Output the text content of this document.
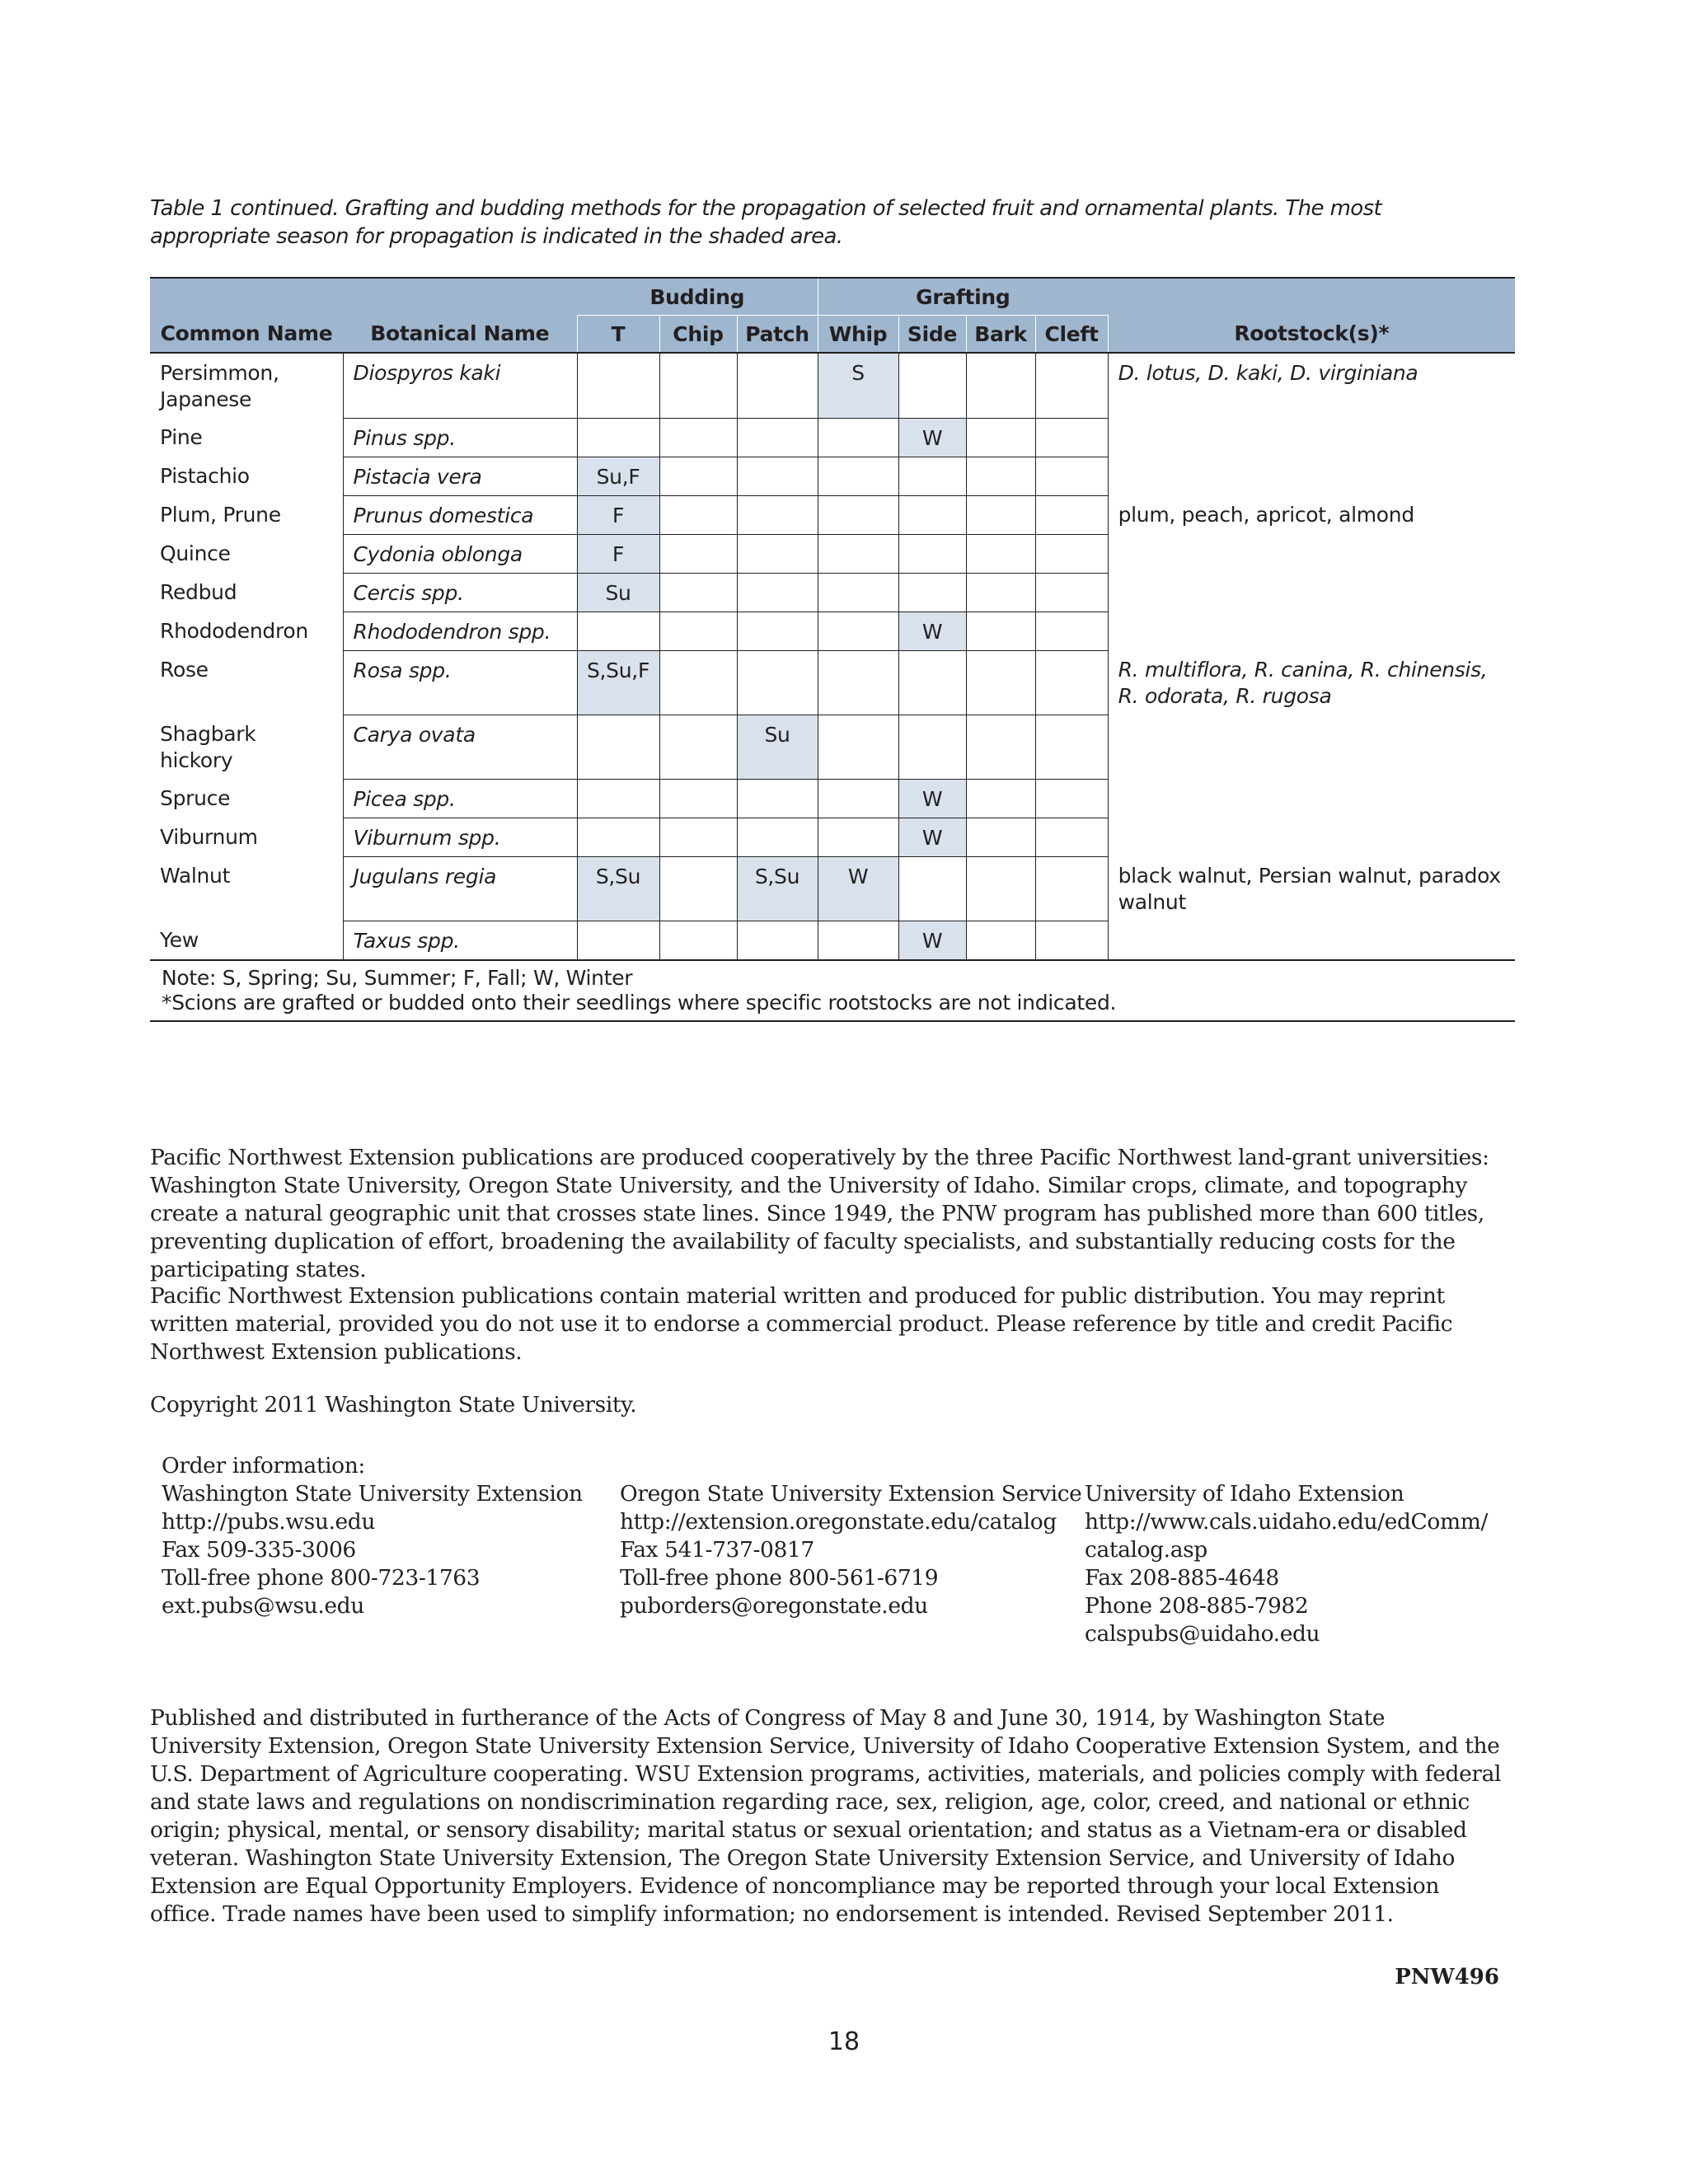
Table 1 continued. Grafting and budding methods for the propagation of selected fruit and ornamental plants. The most appropriate season for propagation is indicated in the shaded area.
		Budding			Grafting				
Common Name	Botanical Name	T	Chip	Patch	Whip	Side	Bark	Cleft	Rootstock(s)*
Persimmon, Japanese	Diospyros kaki				S				D. lotus, D. kaki, D. virginiana
Pine	Pinus spp.					W			
Pistachio	Pistacia vera	Su,F							
Plum, Prune	Prunus domestica	F							plum, peach, apricot, almond
Quince	Cydonia oblonga	F							
Redbud	Cercis spp.	Su							
Rhododendron	Rhododendron spp.					W			
Rose	Rosa spp.	S,Su,F							R. multiflora, R. canina, R. chinensis, R. odorata, R. rugosa
Shagbark hickory	Carya ovata			Su					
Spruce	Picea spp.					W			
Viburnum	Viburnum spp.					W			
Walnut	Jugulans regia	S,Su		S,Su	W				black walnut, Persian walnut, paradox walnut
Yew	Taxus spp.					W			

Note: S, Spring; Su, Summer; F, Fall; W, Winter
*Scions are grafted or budded onto their seedlings where specific rootstocks are not indicated.									

Pacific Northwest Extension publications are produced cooperatively by the three Pacific Northwest land-grant universities: Washington State University, Oregon State University, and the University of Idaho. Similar crops, climate, and topography create a natural geographic unit that crosses state lines. Since 1949, the PNW program has published more than 600 titles, preventing duplication of effort, broadening the availability of faculty specialists, and substantially reducing costs for the participating states.

Pacific Northwest Extension publications contain material written and produced for public distribution. You may reprint written material, provided you do not use it to endorse a commercial product. Please reference by title and credit Pacific Northwest Extension publications.

Copyright 2011 Washington State University.

Order information:
Washington State University Extension
http://pubs.wsu.edu
Fax 509-335-3006
Toll-free phone 800-723-1763
ext.pubs@wsu.edu
Oregon State University Extension Service
http://extension.oregonstate.edu/catalog
Fax 541-737-0817
Toll-free phone 800-561-6719
puborders@oregonstate.edu
University of Idaho Extension
http://www.cals.uidaho.edu/edComm/
catalog.asp
Fax 208-885-4648
Phone 208-885-7982
calspubs@uidaho.edu

Published and distributed in furtherance of the Acts of Congress of May 8 and June 30, 1914, by Washington State University Extension, Oregon State University Extension Service, University of Idaho Cooperative Extension System, and the U.S. Department of Agriculture cooperating. WSU Extension programs, activities, materials, and policies comply with federal and state laws and regulations on nondiscrimination regarding race, sex, religion, age, color, creed, and national or ethnic origin; physical, mental, or sensory disability; marital status or sexual orientation; and status as a Vietnam-era or disabled veteran. Washington State University Extension, The Oregon State University Extension Service, and University of Idaho Extension are Equal Opportunity Employers. Evidence of noncompliance may be reported through your local Extension office. Trade names have been used to simplify information; no endorsement is intended. Revised September 2011.

PNW496
18
